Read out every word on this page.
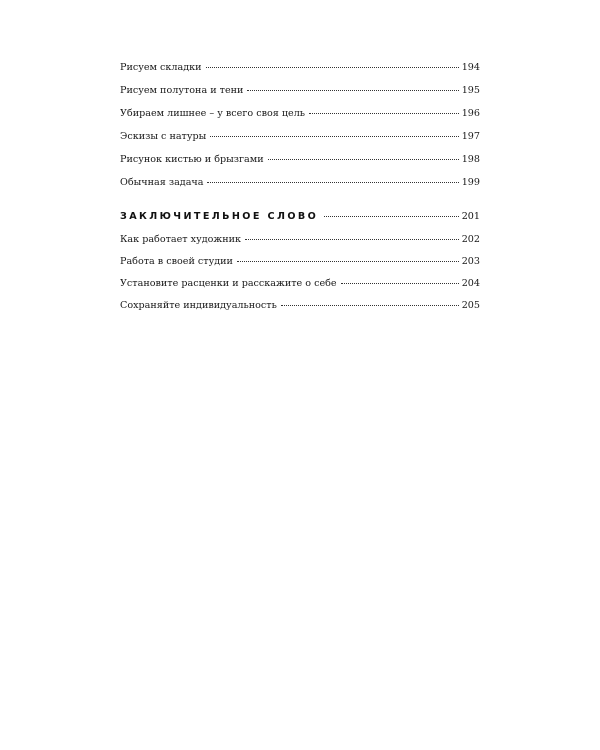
Рисуем складки	194
Рисуем полутона и тени	195
Убираем лишнее – у всего своя цель	196
Эскизы с натуры	197
Рисунок кистью и брызгами	198
Обычная задача	199
ЗАКЛЮЧИТЕЛЬНОЕ СЛОВО	201
Как работает художник	202
Работа в своей студии	203
Установите расценки и расскажите о себе	204
Сохраняйте индивидуальность	205
